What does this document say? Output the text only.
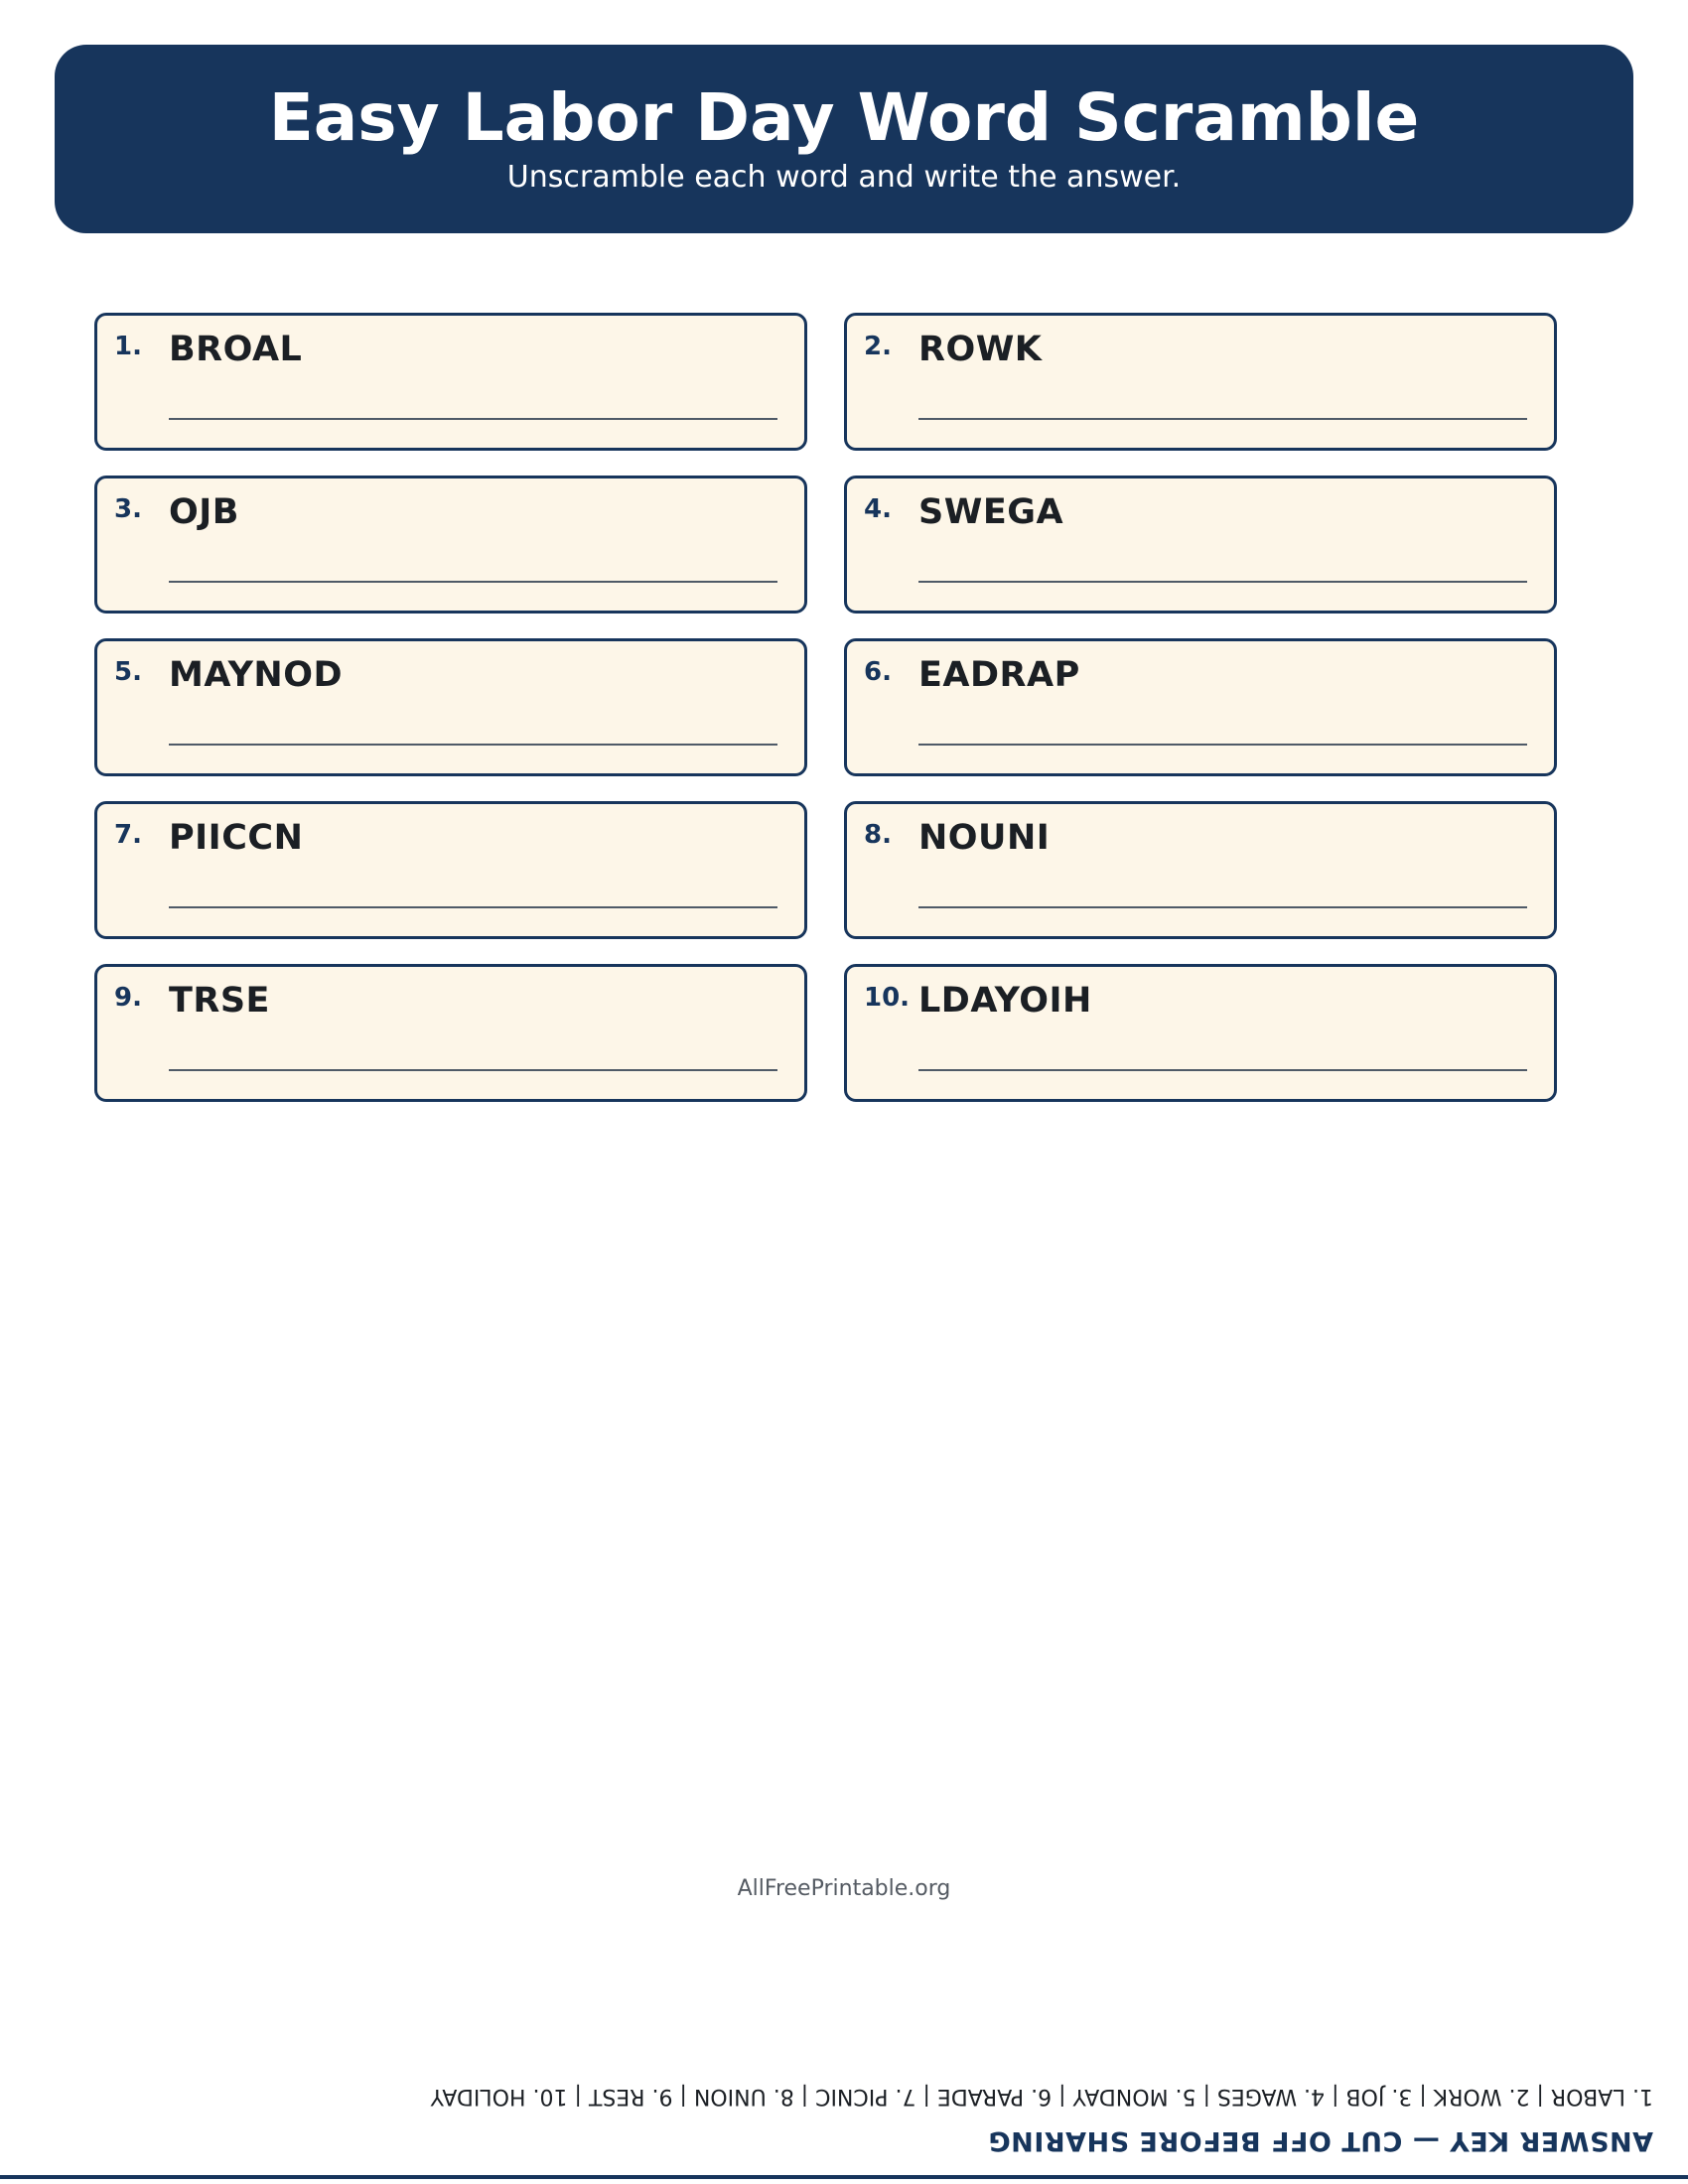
Easy Labor Day Word Scramble
Unscramble each word and write the answer.
1. BROAL	2. ROWK
3. OJB	4. SWEGA
5. MAYNOD	6. EADRAP
7. PIICCN	8. NOUNI
9. TRSE	10. LDAYOIH
AllFreePrintable.org
ANSWER KEY — CUT OFF BEFORE SHARING
1. LABOR | 2. WORK | 3. JOB | 4. WAGES | 5. MONDAY | 6. PARADE | 7. PICNIC | 8. UNION | 9. REST | 10. HOLIDAY
